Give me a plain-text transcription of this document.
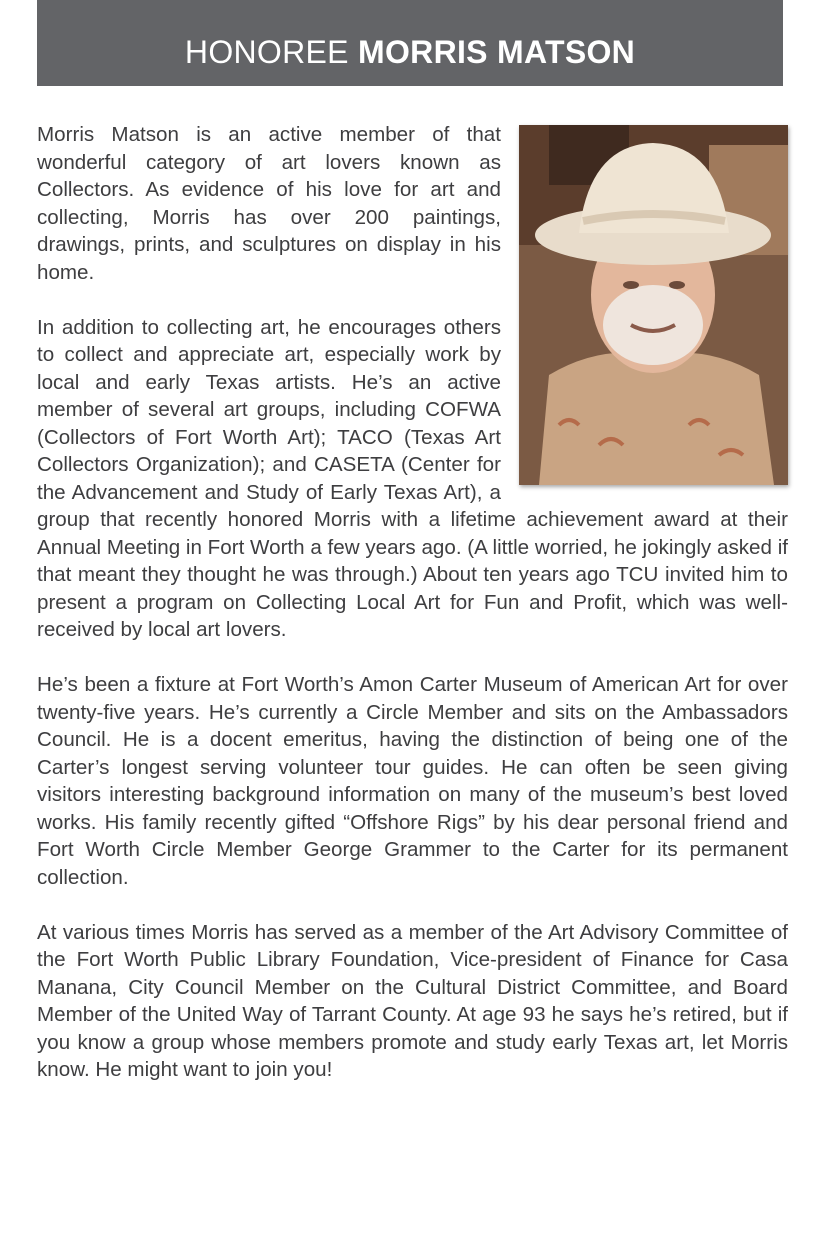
HONOREE MORRIS MATSON

Morris Matson is an active member of that wonderful category of art lovers known as Collectors. As evidence of his love for art and collecting, Morris has over 200 paintings, drawings, prints, and sculptures on display in his home.

In addition to collecting art, he encourages others to collect and appreciate art, especially work by local and early Texas artists. He’s an active member of several art groups, including COFWA (Collectors of Fort Worth Art); TACO (Texas Art Collectors Organization); and CASETA (Center for the Advancement and Study of Early Texas Art), a group that recently honored Morris with a lifetime achievement award at their Annual Meeting in Fort Worth a few years ago. (A little worried, he jokingly asked if that meant they thought he was through.) About ten years ago TCU invited him to present a program on Collecting Local Art for Fun and Profit, which was well-received by local art lovers.

He’s been a fixture at Fort Worth’s Amon Carter Museum of American Art for over twenty-five years. He’s currently a Circle Member and sits on the Ambassadors Council. He is a docent emeritus, having the distinction of being one of the Carter’s longest serving volunteer tour guides. He can often be seen giving visitors interesting background information on many of the museum’s best loved works. His family recently gifted “Offshore Rigs” by his dear personal friend and Fort Worth Circle Member George Grammer to the Carter for its permanent collection.

At various times Morris has served as a member of the Art Advisory Committee of the Fort Worth Public Library Foundation, Vice-president of Finance for Casa Manana, City Council Member on the Cultural District Committee, and Board Member of the United Way of Tarrant County. At age 93 he says he’s retired, but if you know a group whose members promote and study early Texas art, let Morris know. He might want to join you!
